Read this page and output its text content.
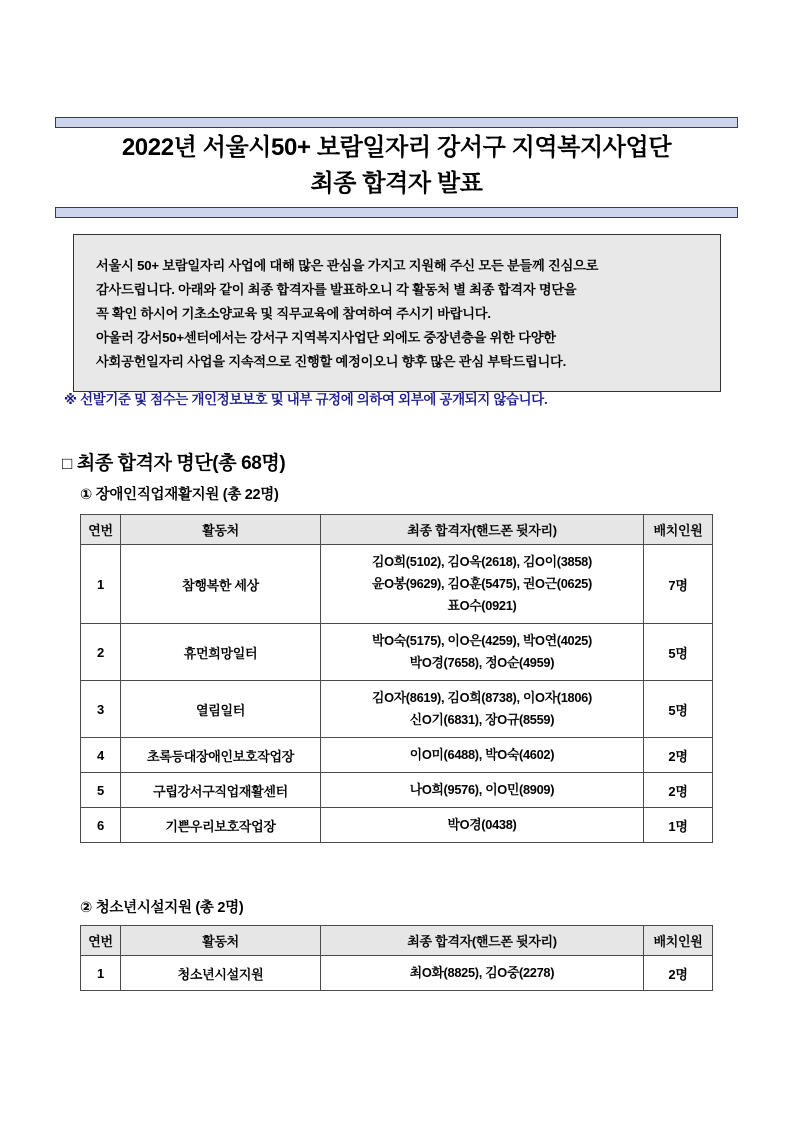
2022년 서울시50+ 보람일자리 강서구 지역복지사업단
최종 합격자 발표
서울시 50+ 보람일자리 사업에 대해 많은 관심을 가지고 지원해 주신 모든 분들께 진심으로
감사드립니다. 아래와 같이 최종 합격자를 발표하오니 각 활동처 별 최종 합격자 명단을
꼭 확인 하시어 기초소양교육 및 직무교육에 참여하여 주시기 바랍니다.
아울러 강서50+센터에서는 강서구 지역복지사업단 외에도 중장년층을 위한 다양한
사회공헌일자리 사업을 지속적으로 진행할 예정이오니 향후 많은 관심 부탁드립니다.
※ 선발기준 및 점수는 개인정보보호 및 내부 규정에 의하여 외부에 공개되지 않습니다.
□ 최종 합격자 명단(총 68명)
① 장애인직업재활지원 (총 22명)
연번	활동처	최종 합격자(핸드폰 뒷자리)	배치인원
1	참행복한 세상	김O희(5102), 김O옥(2618), 김O이(3858)
윤O봉(9629), 김O훈(5475), 권O근(0625)
표O수(0921)	7명
2	휴먼희망일터	박O숙(5175), 이O은(4259), 박O연(4025)
박O경(7658), 정O순(4959)	5명
3	열림일터	김O자(8619), 김O희(8738), 이O자(1806)
신O기(6831), 장O규(8559)	5명
4	초록등대장애인보호작업장	이O미(6488), 박O숙(4602)	2명
5	구립강서구직업재활센터	나O희(9576), 이O민(8909)	2명
6	기쁜우리보호작업장	박O경(0438)	1명
② 청소년시설지원 (총 2명)
연번	활동처	최종 합격자(핸드폰 뒷자리)	배치인원
1	청소년시설지원	최O화(8825), 김O중(2278)	2명
